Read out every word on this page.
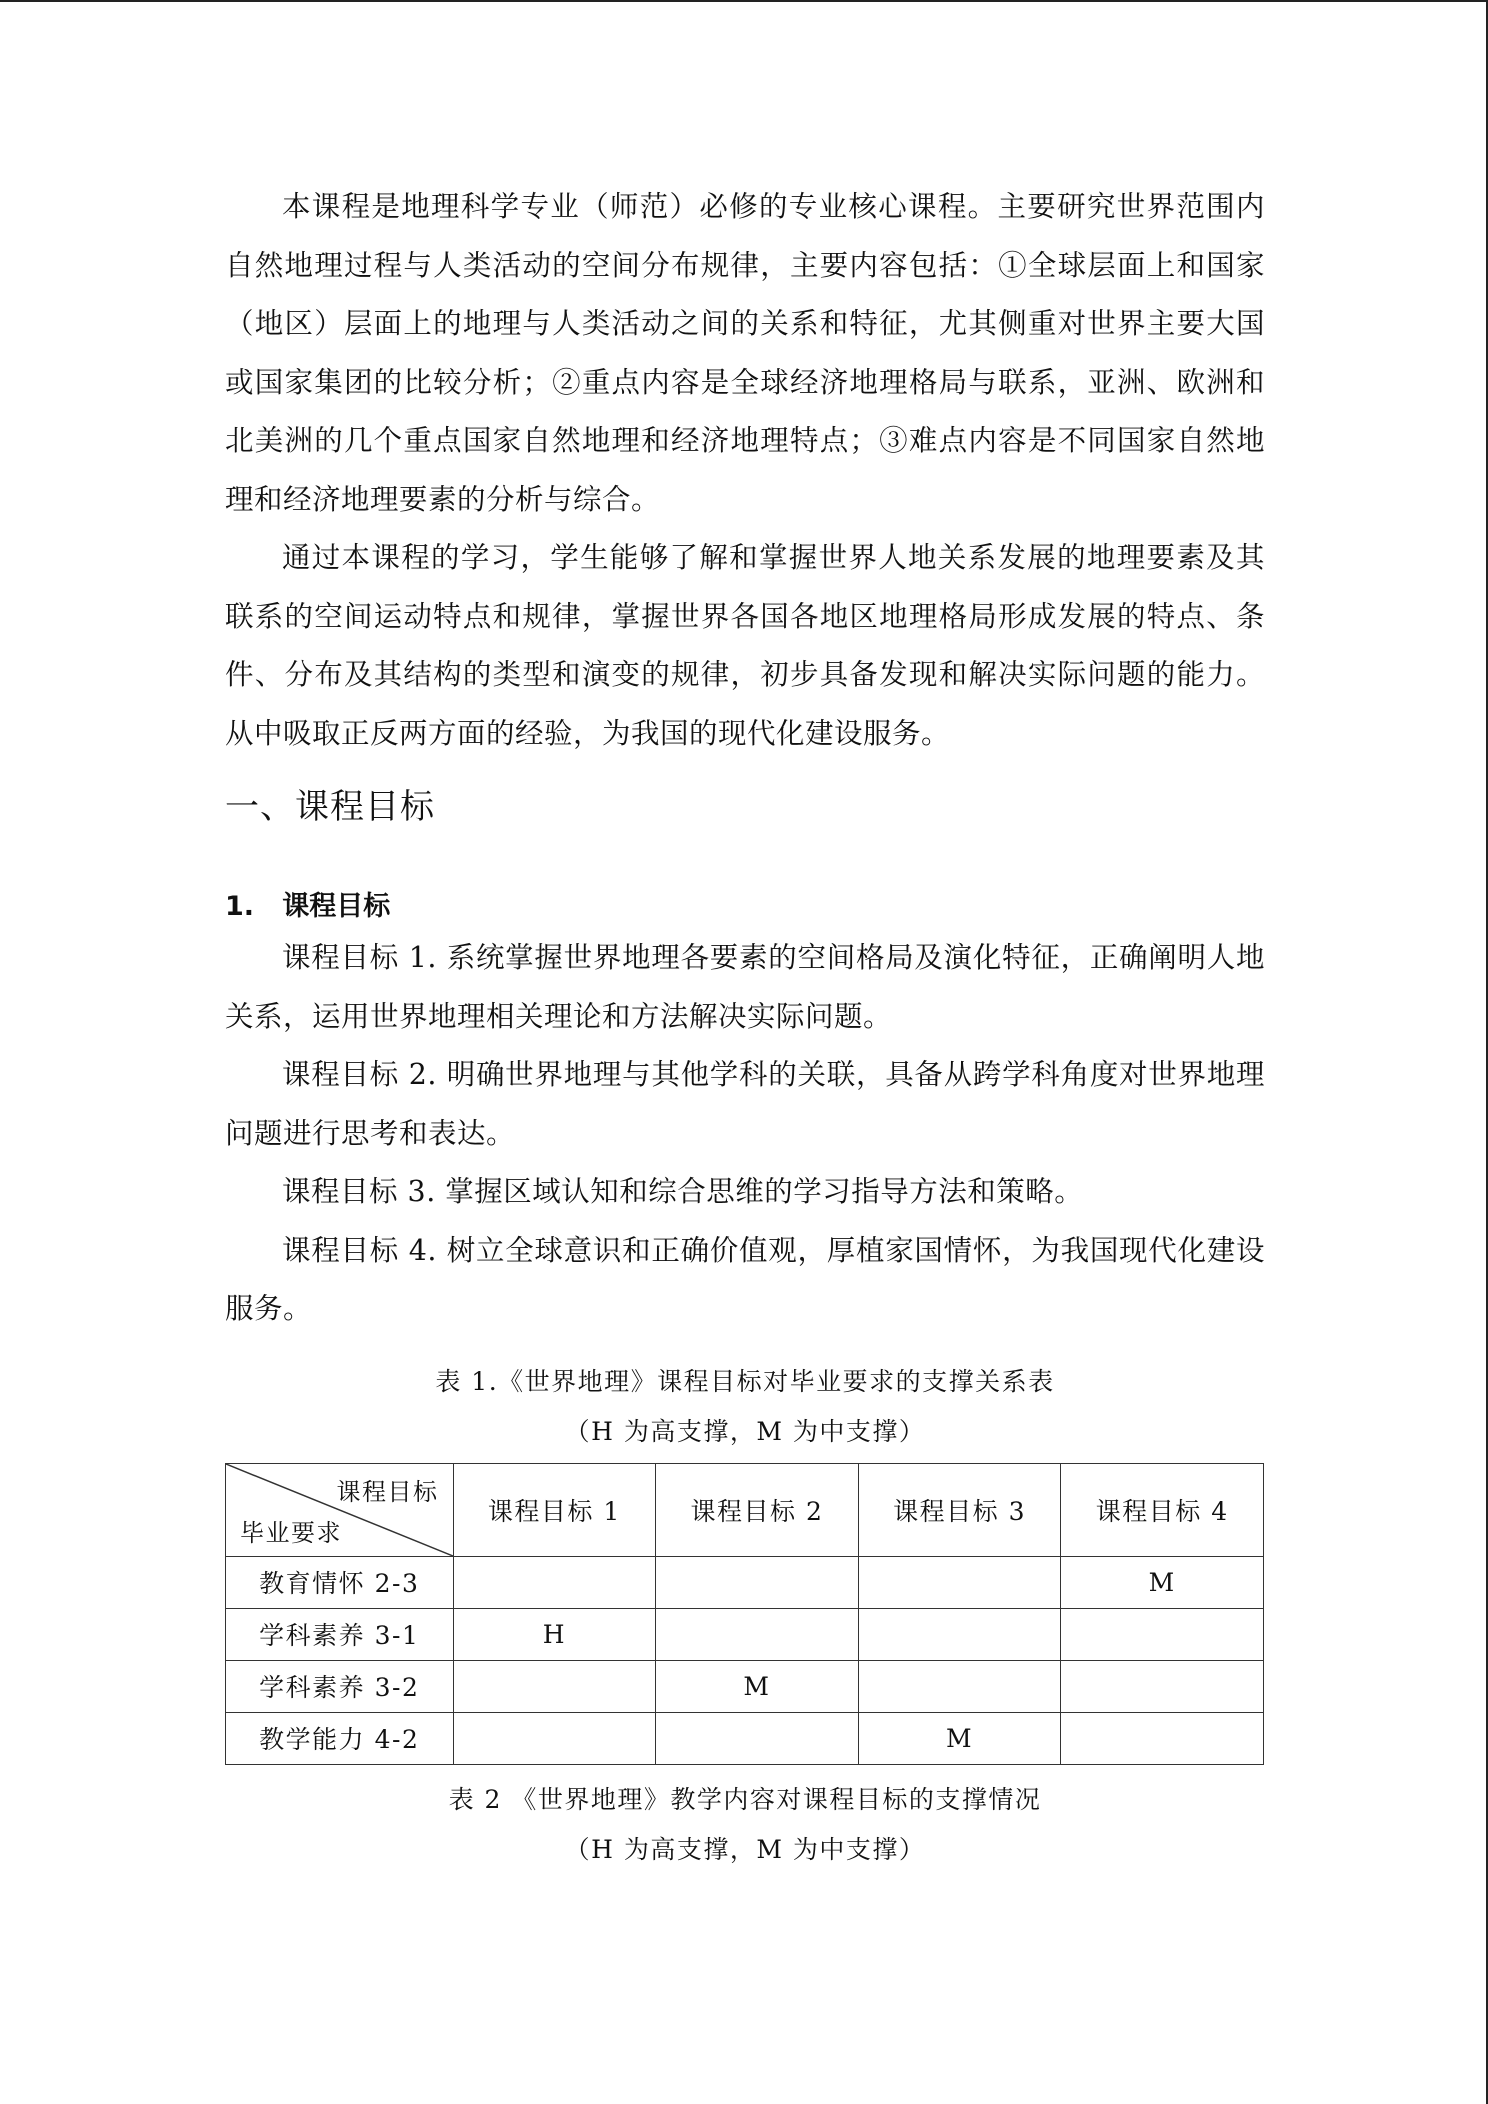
本课程是地理科学专业（师范）必修的专业核心课程。主要研究世界范围内自然地理过程与人类活动的空间分布规律，主要内容包括：①全球层面上和国家（地区）层面上的地理与人类活动之间的关系和特征，尤其侧重对世界主要大国或国家集团的比较分析；②重点内容是全球经济地理格局与联系，亚洲、欧洲和北美洲的几个重点国家自然地理和经济地理特点；③难点内容是不同国家自然地理和经济地理要素的分析与综合。

通过本课程的学习，学生能够了解和掌握世界人地关系发展的地理要素及其联系的空间运动特点和规律，掌握世界各国各地区地理格局形成发展的特点、条件、分布及其结构的类型和演变的规律，初步具备发现和解决实际问题的能力。从中吸取正反两方面的经验，为我国的现代化建设服务。

一、课程目标
1.   课程目标

课程目标 1. 系统掌握世界地理各要素的空间格局及演化特征，正确阐明人地关系，运用世界地理相关理论和方法解决实际问题。

课程目标 2. 明确世界地理与其他学科的关联，具备从跨学科角度对世界地理问题进行思考和表达。

课程目标 3. 掌握区域认知和综合思维的学习指导方法和策略。

课程目标 4. 树立全球意识和正确价值观，厚植家国情怀，为我国现代化建设服务。

表 1.《世界地理》课程目标对毕业要求的支撑关系表

（H 为高支撑，M 为中支撑）

课程目标
毕业要求	课程目标 1	课程目标 2	课程目标 3	课程目标 4
教育情怀 2-3				M
学科素养 3-1	H			
学科素养 3-2		M		
教学能力 4-2			M	

表 2 《世界地理》教学内容对课程目标的支撑情况

（H 为高支撑，M 为中支撑）
